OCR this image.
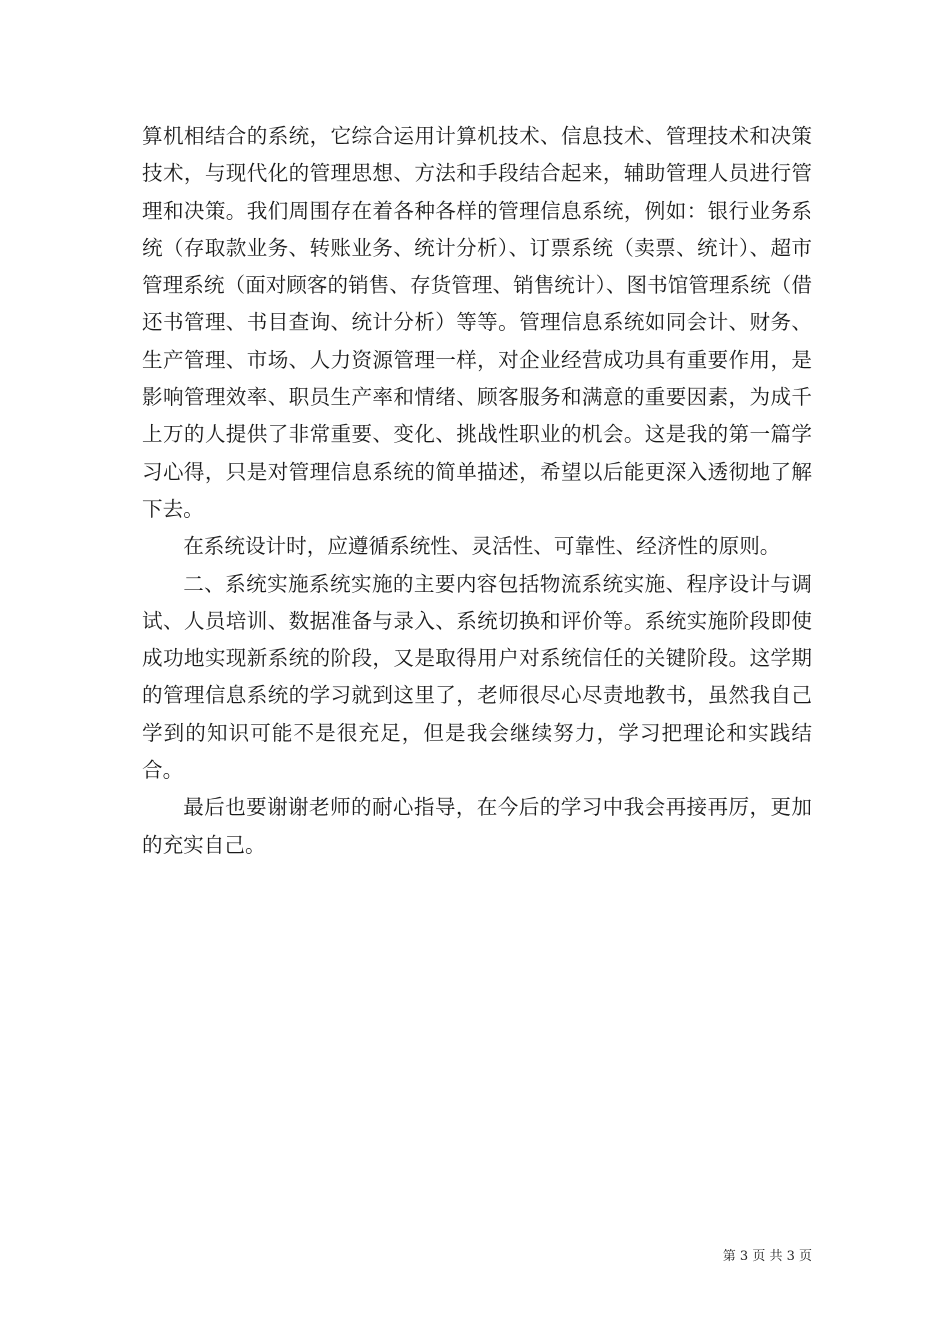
算机相结合的系统，它综合运用计算机技术、信息技术、管理技术和决策技术，与现代化的管理思想、方法和手段结合起来，辅助管理人员进行管理和决策。我们周围存在着各种各样的管理信息系统，例如：银行业务系统（存取款业务、转账业务、统计分析）、订票系统（卖票、统计）、超市管理系统（面对顾客的销售、存货管理、销售统计）、图书馆管理系统（借还书管理、书目查询、统计分析）等等。管理信息系统如同会计、财务、生产管理、市场、人力资源管理一样，对企业经营成功具有重要作用，是影响管理效率、职员生产率和情绪、顾客服务和满意的重要因素，为成千上万的人提供了非常重要、变化、挑战性职业的机会。这是我的第一篇学习心得，只是对管理信息系统的简单描述，希望以后能更深入透彻地了解下去。

在系统设计时，应遵循系统性、灵活性、可靠性、经济性的原则。

二、系统实施系统实施的主要内容包括物流系统实施、程序设计与调试、人员培训、数据准备与录入、系统切换和评价等。系统实施阶段即使成功地实现新系统的阶段，又是取得用户对系统信任的关键阶段。这学期的管理信息系统的学习就到这里了，老师很尽心尽责地教书，虽然我自己学到的知识可能不是很充足，但是我会继续努力，学习把理论和实践结合。

最后也要谢谢老师的耐心指导，在今后的学习中我会再接再厉，更加的充实自己。

第 3 页 共 3 页
